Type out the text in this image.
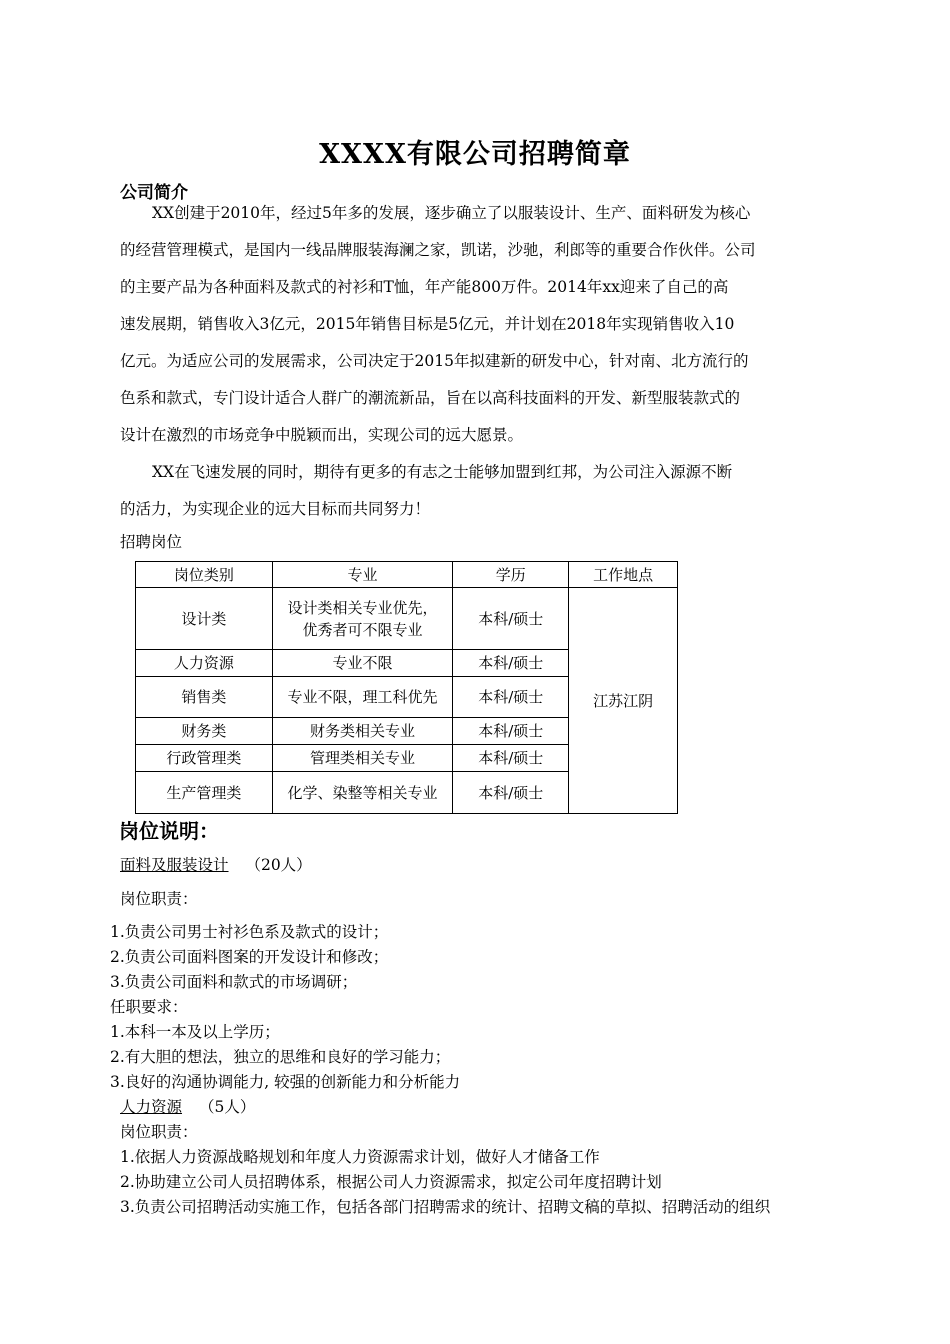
XXXX有限公司招聘简章
公司简介
XX创建于2010年，经过5年多的发展，逐步确立了以服装设计、生产、面料研发为核心
的经营管理模式，是国内一线品牌服装海澜之家，凯诺，沙驰，利郎等的重要合作伙伴。公司
的主要产品为各种面料及款式的衬衫和T恤，年产能800万件。2014年xx迎来了自己的高
速发展期，销售收入3亿元，2015年销售目标是5亿元，并计划在2018年实现销售收入10
亿元。为适应公司的发展需求，公司决定于2015年拟建新的研发中心，针对南、北方流行的
色系和款式，专门设计适合人群广的潮流新品，旨在以高科技面料的开发、新型服装款式的
设计在激烈的市场竞争中脱颖而出，实现公司的远大愿景。
XX在飞速发展的同时，期待有更多的有志之士能够加盟到红邦，为公司注入源源不断
的活力，为实现企业的远大目标而共同努力！
招聘岗位
岗位类别	专业	学历	工作地点
设计类	设计类相关专业优先，
优秀者可不限专业	本科/硕士	江苏江阴
人力资源	专业不限	本科/硕士	
销售类	专业不限，理工科优先	本科/硕士	
财务类	财务类相关专业	本科/硕士	
行政管理类	管理类相关专业	本科/硕士	
生产管理类	化学、染整等相关专业	本科/硕士	
岗位说明：
面料及服装设计 （20人）
岗位职责：
1.负责公司男士衬衫色系及款式的设计；
2.负责公司面料图案的开发设计和修改；
3.负责公司面料和款式的市场调研；
任职要求：
1.本科一本及以上学历；
2.有大胆的想法，独立的思维和良好的学习能力；
3.良好的沟通协调能力, 较强的创新能力和分析能力
人力资源 （5人）
岗位职责：
1.依据人力资源战略规划和年度人力资源需求计划，做好人才储备工作
2.协助建立公司人员招聘体系，根据公司人力资源需求，拟定公司年度招聘计划
3.负责公司招聘活动实施工作，包括各部门招聘需求的统计、招聘文稿的草拟、招聘活动的组织
